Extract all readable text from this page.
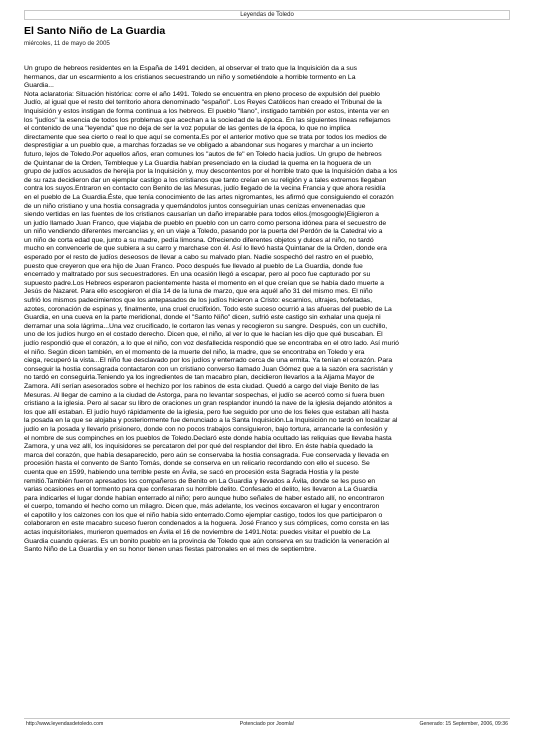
Leyendas de Toledo
El Santo Niño de La Guardia
miércoles, 11 de mayo de 2005

Un grupo de hebreos residentes en la España de 1491 deciden, al observar el trato que la Inquisición da a sus
hermanos, dar un escarmiento a los cristianos secuestrando un niño y sometiéndole a horrible tormento en La
Guardia...
Nota aclaratoria: Situación histórica: corre el año 1491. Toledo se encuentra en pleno proceso de expulsión del pueblo
Judío, al igual que el resto del territorio ahora denominado "español". Los Reyes Católicos han creado el Tribunal de la
Inquisición y estos instigan de forma continua a los hebreos. El pueblo "llano", instigado también por estos, intenta ver en
los "judíos" la esencia de todos los problemas que acechan a la sociedad de la época. En las siguientes líneas reflejamos
el contenido de una "leyenda" que no deja de ser la voz popular de las gentes de la época, lo que no implica
directamente que sea cierto o real lo que aquí se comenta.Es por el anterior motivo que se trata por todos los medios de
desprestigiar a un pueblo que, a marchas forzadas se ve obligado a abandonar sus hogares y marchar a un incierto
futuro, lejos de Toledo.Por aquellos años, eran comunes los "autos de fe" en Toledo hacia judíos. Un grupo de hebreos
de Quintanar de la Orden, Tembleque y La Guardia habían presenciado en la ciudad la quema en la hoguera de un
grupo de judíos acusados de herejía por la Inquisición y, muy descontentos por el horrible trato que la Inquisición daba a los
de su raza decidieron dar un ejemplar castigo a los cristianos que tanto creían en su religión y a tales extremos llegaban
contra los suyos.Entraron en contacto con Benito de las Mesuras, judío llegado de la vecina Francia y que ahora residía
en el pueblo de La Guardia.Éste, que tenía conocimiento de las artes nigromantes, les afirmó que consiguiendo el corazón
de un niño cristiano y una hostia consagrada y quemándolos juntos conseguirían unas cenizas envenenadas que
siendo vertidas en las fuentes de los cristianos causarían un daño irreparable para todos ellos.{mosgoogle}Eligieron a
un judío llamado Juan Franco, que viajaba de pueblo en pueblo con un carro como persona idónea para el secuestro de
un niño vendiendo diferentes mercancías y, en un viaje a Toledo, pasando por la puerta del Perdón de la Catedral vio a
un niño de corta edad que, junto a su madre, pedía limosna. Ofreciendo diferentes objetos y dulces al niño, no tardó
mucho en convencerle de que subiera a su carro y marchase con él. Así lo llevó hasta Quintanar de la Orden, donde era
esperado por el resto de judíos deseosos de llevar a cabo su malvado plan. Nadie sospechó del rastro en el pueblo,
puesto que creyeron que era hijo de Juan Franco. Poco después fue llevado al pueblo de La Guardia, donde fue
encerrado y maltratado por sus secuestradores. En una ocasión llegó a escapar, pero al poco fue capturado por su
supuesto padre.Los Hebreos esperaron pacientemente hasta el momento en el que creían que se había dado muerte a
Jesús de Nazaret. Para ello escogieron el día 14 de la luna de marzo, que era aquél año 31 del mismo mes. El niño
sufrió los mismos padecimientos que los antepasados de los judíos hicieron a Cristo: escarnios, ultrajes, bofetadas,
azotes, coronación de espinas y, finalmente, una cruel crucifixión. Todo este suceso ocurrió a las afueras del pueblo de La
Guardia, en una cueva en la parte meridional, donde el "Santo Niño" dicen, sufrió este castigo sin exhalar una queja ni
derramar una sola lágrima...Una vez crucificado, le cortaron las venas y recogieron su sangre. Después, con un cuchillo,
uno de los judíos hurgo en el costado derecho. Dicen que, el niño, al ver lo que le hacían les dijo que qué buscaban. El
judío respondió que el corazón, a lo que el niño, con voz desfallecida respondió que se encontraba en el otro lado. Así murió
el niño. Según dicen también, en el momento de la muerte del niño, la madre, que se encontraba en Toledo y era
ciega, recuperó la vista...El niño fue desclavado por los judíos y enterrado cerca de una ermita. Ya tenían el corazón. Para
conseguir la hostia consagrada contactaron con un cristiano converso llamado Juan Gómez que a la sazón era sacristán y
no tardó en conseguirla.Teniendo ya los ingredientes de tan macabro plan, decidieron llevarlos a la Aljama Mayor de
Zamora. Allí serían asesorados sobre el hechizo por los rabinos de esta ciudad. Quedó a cargo del viaje Benito de las
Mesuras. Al llegar de camino a la ciudad de Astorga, para no levantar sospechas, el judío se acercó como si fuera buen
cristiano a la iglesia. Pero al sacar su libro de oraciones un gran resplandor inundó la nave de la iglesia dejando atónitos a
los que allí estaban. El judío huyó rápidamente de la iglesia, pero fue seguido por uno de los fieles que estaban allí hasta
la posada en la que se alojaba y posteriormente fue denunciado a la Santa Inquisición.La Inquisición no tardó en localizar al
judío en la posada y llevarlo prisionero, donde con no pocos trabajos consiguieron, bajo tortura, arrancarle la confesión y
el nombre de sus compinches en los pueblos de Toledo.Declaró este donde había ocultado las reliquias que llevaba hasta
Zamora, y una vez allí, los inquisidores se percataron del por qué del resplandor del libro. En éste había quedado la
marca del corazón, que había desaparecido, pero aún se conservaba la hostia consagrada. Fue conservada y llevada en
procesión hasta el convento de Santo Tomás, donde se conserva en un relicario recordando con ello el suceso. Se
cuenta que en 1599, habiendo una terrible peste en Ávila, se sacó en procesión esta Sagrada Hostia y la peste
remitió.También fueron apresados los compañeros de Benito en La Guardia y llevados a Ávila, donde se les puso en
varias ocasiones en el tormento para que confesaran su horrible delito. Confesado el delito, les llevaron a La Guardia
para indicarles el lugar donde habían enterrado al niño; pero aunque hubo señales de haber estado allí, no encontraron
el cuerpo, tomando el hecho como un milagro. Dicen que, más adelante, los vecinos excavaron el lugar y encontraron
el capotillo y los calzones con los que el niño había sido enterrado.Como ejemplar castigo, todos los que participaron o
colaboraron en este macabro suceso fueron condenados a la hoguera. José Franco y sus cómplices, como consta en las
actas inquisitoriales, murieron quemados en Ávila el 16 de noviembre de 1491.Nota: puedes visitar el pueblo de La
Guardia cuando quieras. Es un bonito pueblo en la provincia de Toledo que aún conserva en su tradición la veneración al
Santo Niño de La Guardia y en su honor tienen unas fiestas patronales en el mes de septiembre.

http://www.leyendasdetoledo.com	Potenciado por Joomla!	Generado: 15 September, 2006, 09:36
